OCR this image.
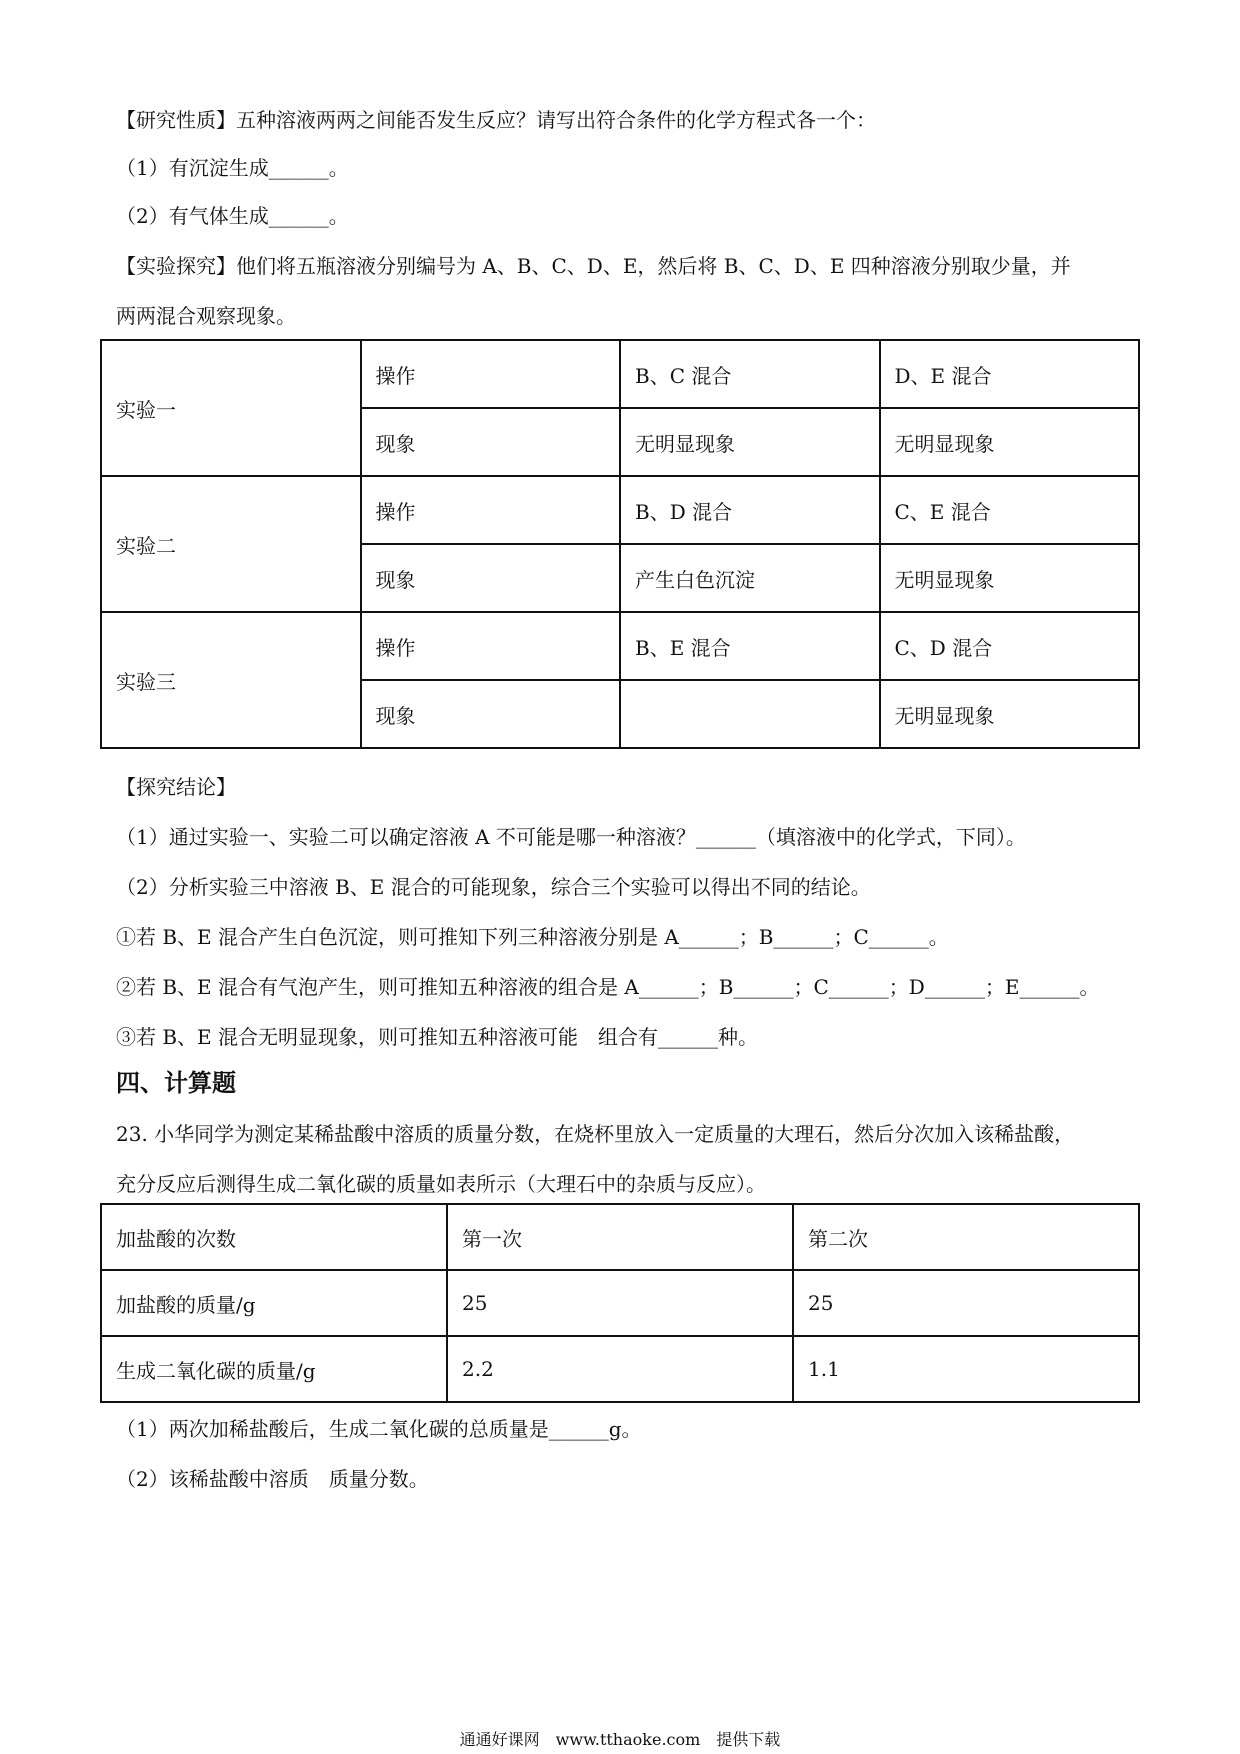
【研究性质】五种溶液两两之间能否发生反应？请写出符合条件的化学方程式各一个：
（1）有沉淀生成______。
（2）有气体生成______。
【实验探究】他们将五瓶溶液分别编号为 A、B、C、D、E，然后将 B、C、D、E 四种溶液分别取少量，并
两两混合观察现象。
实验一	操作	B、C 混合	D、E 混合
	现象	无明显现象	无明显现象
实验二	操作	B、D 混合	C、E 混合
	现象	产生白色沉淀	无明显现象
实验三	操作	B、E 混合	C、D 混合
	现象		无明显现象
【探究结论】
（1）通过实验一、实验二可以确定溶液 A 不可能是哪一种溶液？______（填溶液中的化学式，下同）。
（2）分析实验三中溶液 B、E 混合的可能现象，综合三个实验可以得出不同的结论。
①若 B、E 混合产生白色沉淀，则可推知下列三种溶液分别是 A______；B______；C______。
②若 B、E 混合有气泡产生，则可推知五种溶液的组合是 A______；B______；C______；D______；E______。
③若 B、E 混合无明显现象，则可推知五种溶液可能　组合有______种。
四、计算题
23. 小华同学为测定某稀盐酸中溶质的质量分数，在烧杯里放入一定质量的大理石，然后分次加入该稀盐酸，
充分反应后测得生成二氧化碳的质量如表所示（大理石中的杂质与反应）。
加盐酸的次数	第一次	第二次
加盐酸的质量/g	25	25
生成二氧化碳的质量/g	2.2	1.1
（1）两次加稀盐酸后，生成二氧化碳的总质量是______g。
（2）该稀盐酸中溶质　质量分数。
通通好课网　www.tthaoke.com　提供下载
